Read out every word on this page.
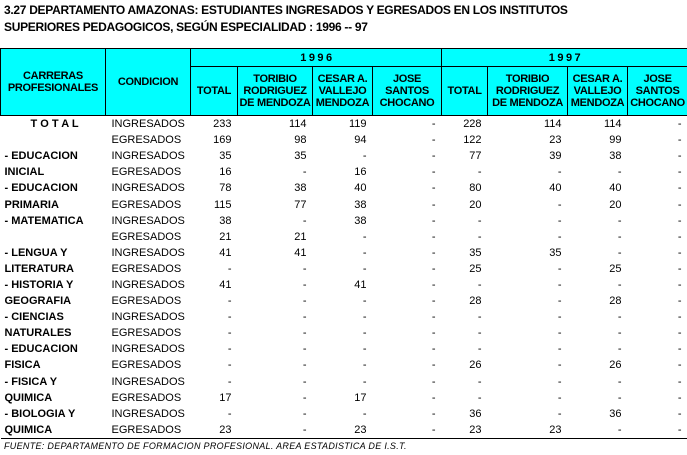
3.27 DEPARTAMENTO AMAZONAS: ESTUDIANTES INGRESADOS Y EGRESADOS EN LOS INSTITUTOS
SUPERIORES PEDAGOGICOS, SEGÚN ESPECIALIDAD : 1996 -- 97
CARRERAS PROFESIONALES	CONDICION	1 9 9 6				1 9 9 7			
		TOTAL	TORIBIO RODRIGUEZ DE MENDOZA	CESAR A. VALLEJO MENDOZA	JOSE SANTOS CHOCANO	TOTAL	TORIBIO RODRIGUEZ DE MENDOZA	CESAR A. VALLEJO MENDOZA	JOSE SANTOS CHOCANO
T O T A L	INGRESADOS	233	114	119	-	228	114	114	-
	EGRESADOS	169	98	94	-	122	23	99	-
- EDUCACION	INGRESADOS	35	35	-	-	77	39	38	-
INICIAL	EGRESADOS	16	-	16	-	-	-	-	-
- EDUCACION	INGRESADOS	78	38	40	-	80	40	40	-
PRIMARIA	EGRESADOS	115	77	38	-	20	-	20	-
- MATEMATICA	INGRESADOS	38	-	38	-	-	-	-	-
	EGRESADOS	21	21	-	-	-	-	-	-
- LENGUA Y	INGRESADOS	41	41	-	-	35	35	-	-
LITERATURA	EGRESADOS	-	-	-	-	25	-	25	-
- HISTORIA Y	INGRESADOS	41	-	41	-	-	-	-	-
GEOGRAFIA	EGRESADOS	-	-	-	-	28	-	28	-
- CIENCIAS	INGRESADOS	-	-	-	-	-	-	-	-
NATURALES	EGRESADOS	-	-	-	-	-	-	-	-
- EDUCACION	INGRESADOS	-	-	-	-	-	-	-	-
FISICA	EGRESADOS	-	-	-	-	26	-	26	-
- FISICA Y	INGRESADOS	-	-	-	-	-	-	-	-
QUIMICA	EGRESADOS	17	-	17	-	-	-	-	-
- BIOLOGIA Y	INGRESADOS	-	-	-	-	36	-	36	-
QUIMICA	EGRESADOS	23	-	23	-	23	23	-	-
FUENTE: DEPARTAMENTO DE FORMACION PROFESIONAL. AREA ESTADISTICA DE I.S.T.
